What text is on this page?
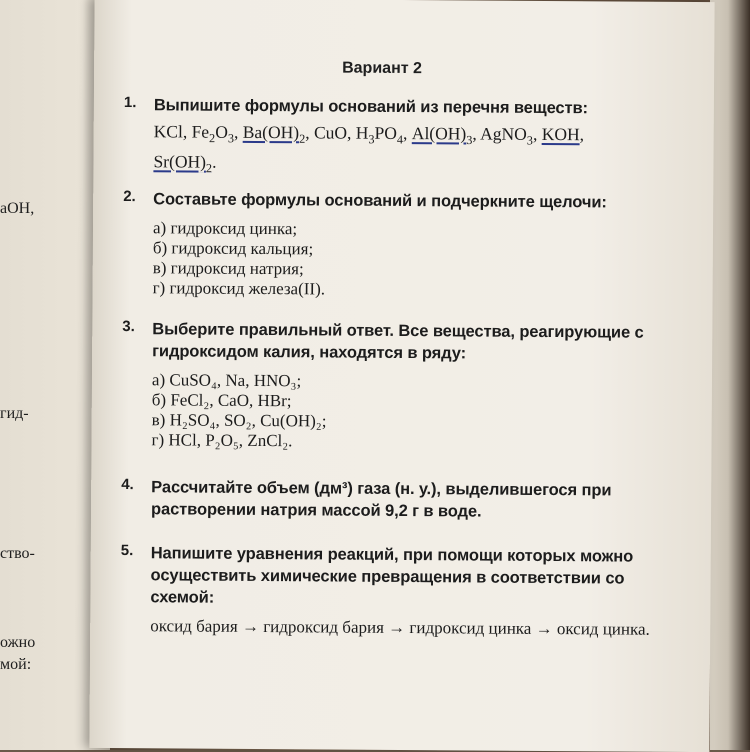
aOH,
гид-
ство-
ожно
мой:
Вариант 2
1.	Выпишите формулы оснований из перечня веществ:
KCl, $Fe_2O_3$, $Ba(OH)_2$, CuO, $H_3PO_4$, $Al(OH)_3$, AgNO$_3$, KOH,
$Sr(OH)_2$.
2.	Составьте формулы оснований и подчеркните щелочи:
а) гидроксид цинка;
б) гидроксид кальция;
в) гидроксид натрия;
г) гидроксид железа(II).
3.	Выберите правильный ответ. Все вещества, реагирующие с гидроксидом калия, находятся в ряду:
а) CuSO₄, Na, HNO₃;
б) FeCl₂, CaO, HBr;
в) H₂SO₄, SO₂, Cu(OH)₂;
г) HCl, P₂O₅, ZnCl₂.
4.	Рассчитайте объем (дм³) газа (н. у.), выделившегося при растворении натрия массой 9,2 г в воде.
5.	Напишите уравнения реакций, при помощи которых можно осуществить химические превращения в соответствии со схемой:
оксид бария → гидроксид бария → гидроксид цинка → оксид цинка.
